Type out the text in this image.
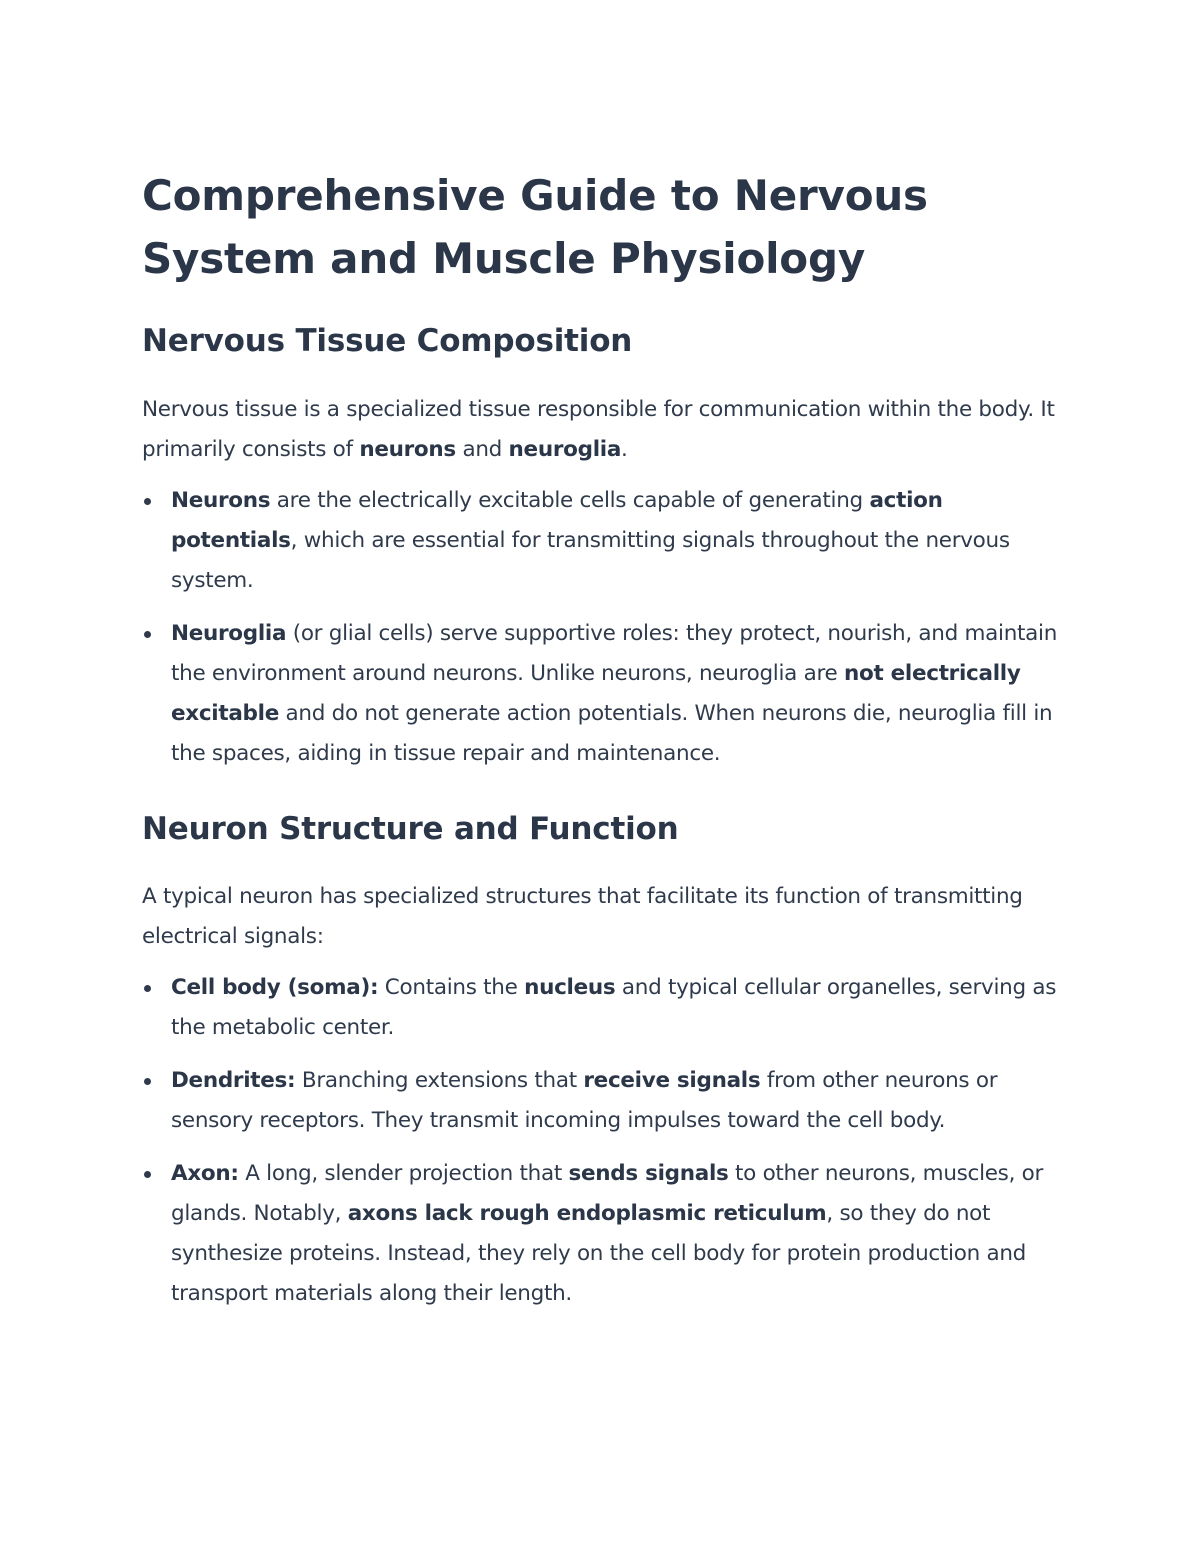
Comprehensive Guide to Nervous
System and Muscle Physiology
Nervous Tissue Composition

Nervous tissue is a specialized tissue responsible for communication within the body. It primarily consists of neurons and neuroglia.

Neurons are the electrically excitable cells capable of generating action potentials, which are essential for transmitting signals throughout the nervous system.
Neuroglia (or glial cells) serve supportive roles: they protect, nourish, and maintain the environment around neurons. Unlike neurons, neuroglia are not electrically excitable and do not generate action potentials. When neurons die, neuroglia fill in the spaces, aiding in tissue repair and maintenance.
Neuron Structure and Function

A typical neuron has specialized structures that facilitate its function of transmitting electrical signals:

Cell body (soma): Contains the nucleus and typical cellular organelles, serving as the metabolic center.
Dendrites: Branching extensions that receive signals from other neurons or sensory receptors. They transmit incoming impulses toward the cell body.
Axon: A long, slender projection that sends signals to other neurons, muscles, or glands. Notably, axons lack rough endoplasmic reticulum, so they do not synthesize proteins. Instead, they rely on the cell body for protein production and transport materials along their length.
